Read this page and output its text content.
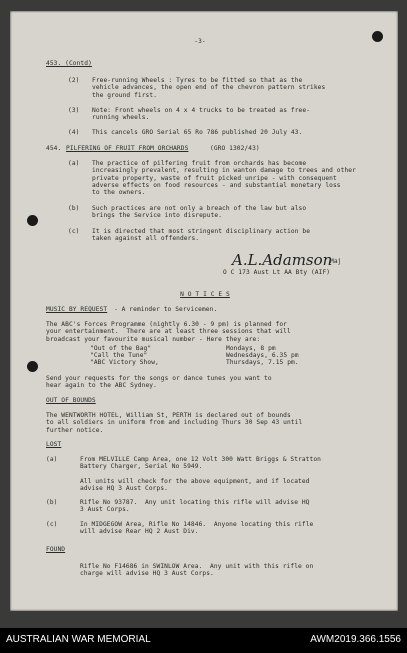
-3-
453. (Contd)
(2) Free-running Wheels : Tyres to be fitted so that as the
vehicle advances, the open end of the chevron pattern strikes
the ground first.
(3) Note: Front wheels on 4 x 4 trucks to be treated as free-
running wheels.
(4) This cancels GRO Serial 65 Ro 786 published 20 July 43.
454. PILFERING OF FRUIT FROM ORCHARDS	(GRO 1302/43)
(a) The practice of pilfering fruit from orchards has become
increasingly prevalent, resulting in wanton damage to trees and other
private property, waste of fruit picked unripe - with consequent
adverse effects on food resources - and substantial monetary loss
to the owners.
(b) Such practices are not only a breach of the law but also
brings the Service into disrepute.
(c) It is directed that most stringent disciplinary action be
taken against all offenders.
A.L.Adamson
Maj
O C 173 Aust Lt AA Bty (AIF)
N O T I C E S
MUSIC BY REQUEST - A reminder to Servicemen.
The ABC's Forces Programme (nightly 6.30 - 9 pm) is planned for
your entertainment.  There are at least three sessions that will
broadcast your favourite musical number - Here they are:
"Out of the Bag"	Mondays, 8 pm
"Call the Tune"	Wednesdays, 6.35 pm
"ABC Victory Show,	Thursdays, 7.15 pm.
Send your requests for the songs or dance tunes you want to
hear again to the ABC Sydney.
OUT OF BOUNDS
The WENTWORTH HOTEL, William St, PERTH is declared out of bounds
to all soldiers in uniform from and including Thurs 30 Sep 43 until
further notice.
LOST
(a)	From MELVILLE Camp Area, one 12 Volt 300 Watt Briggs & Stratton
Battery Charger, Serial No 5949.
All units will check for the above equipment, and if located
advise HQ 3 Aust Corps.
(b)	Rifle No 93787.  Any unit locating this rifle will advise HQ
3 Aust Corps.
(c)	In MIDGEGOW Area, Rifle No 14846.  Anyone locating this rifle
will advise Rear HQ 2 Aust Div.
FOUND
Rifle No F14686 in SWINLOW Area.  Any unit with this rifle on
charge will advise HQ 3 Aust Corps.
AUSTRALIAN WAR MEMORIAL	AWM2019.366.1556
